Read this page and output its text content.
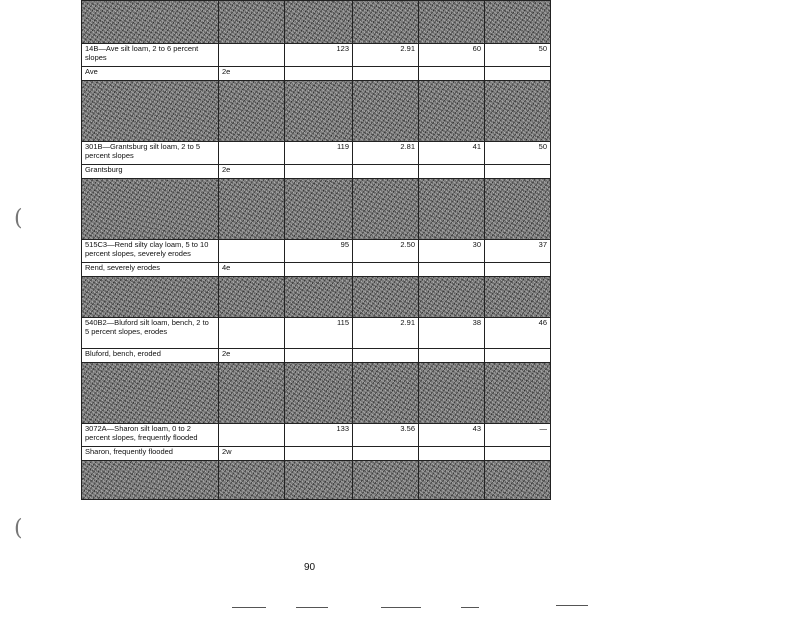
14B—Ave silt loam, 2 to 6 percent slopes		123	2.91	60	50
Ave	2e				

301B—Grantsburg silt loam, 2 to 5 percent slopes		119	2.81	41	50
Grantsburg	2e				

515C3—Rend silty clay loam, 5 to 10 percent slopes, severely erodes		95	2.50	30	37
Rend, severely erodes	4e				

540B2—Bluford silt loam, bench, 2 to 5 percent slopes, erodes		115	2.91	38	46
Bluford, bench, eroded	2e				

3072A—Sharon silt loam, 0 to 2 percent slopes, frequently flooded		133	3.56	43	—
Sharon, frequently flooded	2w				

(
(
90
